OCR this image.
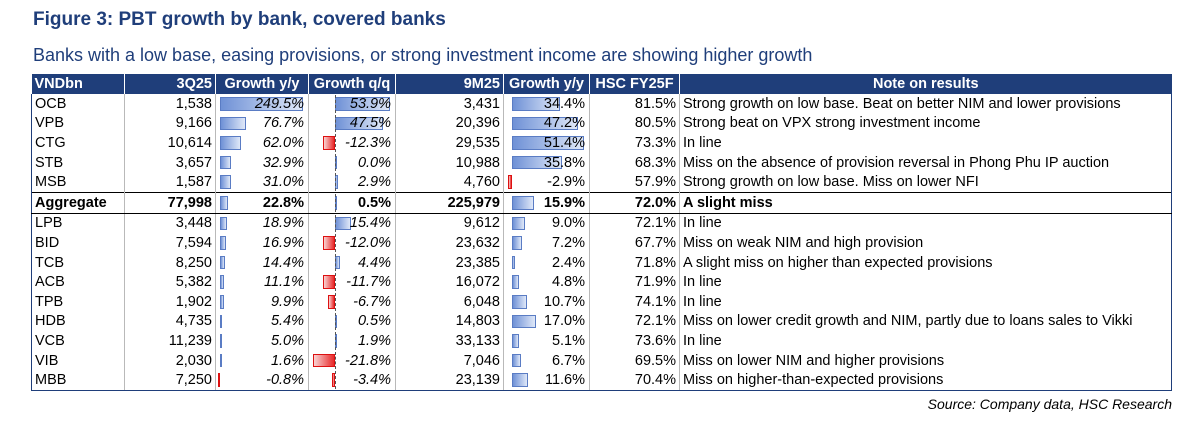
Figure 3: PBT growth by bank, covered banks
Banks with a low base, easing provisions, or strong investment income are showing higher growth
VNDbn	3Q25	Growth y/y	Growth q/q	9M25	Growth y/y	HSC FY25F	Note on results
OCB	1,538	249.5%	53.9%	3,431	34.4%	81.5%	Strong growth on low base. Beat on better NIM and lower provisions
VPB	9,166	76.7%	47.5%	20,396	47.2%	80.5%	Strong beat on VPX strong investment income
CTG	10,614	62.0%	-12.3%	29,535	51.4%	73.3%	In line
STB	3,657	32.9%	0.0%	10,988	35.8%	68.3%	Miss on the absence of provision reversal in Phong Phu IP auction
MSB	1,587	31.0%	2.9%	4,760	-2.9%	57.9%	Strong growth on low base. Miss on lower NFI
Aggregate	77,998	22.8%	0.5%	225,979	15.9%	72.0%	A slight miss
LPB	3,448	18.9%	15.4%	9,612	9.0%	72.1%	In line
BID	7,594	16.9%	-12.0%	23,632	7.2%	67.7%	Miss on weak NIM and high provision
TCB	8,250	14.4%	4.4%	23,385	2.4%	71.8%	A slight miss on higher than expected provisions
ACB	5,382	11.1%	-11.7%	16,072	4.8%	71.9%	In line
TPB	1,902	9.9%	-6.7%	6,048	10.7%	74.1%	In line
HDB	4,735	5.4%	0.5%	14,803	17.0%	72.1%	Miss on lower credit growth and NIM, partly due to loans sales to Vikki
VCB	11,239	5.0%	1.9%	33,133	5.1%	73.6%	In line
VIB	2,030	1.6%	-21.8%	7,046	6.7%	69.5%	Miss on lower NIM and higher provisions
MBB	7,250	-0.8%	-3.4%	23,139	11.6%	70.4%	Miss on higher-than-expected provisions
Source: Company data, HSC Research
